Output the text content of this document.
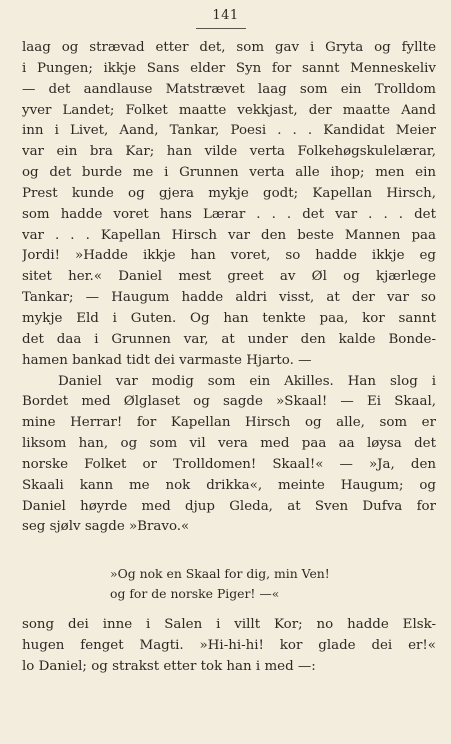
141
laag og strævad etter det, som gav i Gryta og fyllte
i Pungen; ikkje Sans elder Syn for sannt Menneskeliv
— det aandlause Matstrævet laag som ein Trolldom
yver Landet; Folket maatte vekkjast, der maatte Aand
inn i Livet, Aand, Tankar, Poesi . . . Kandidat Meier
var ein bra Kar; han vilde verta Folkehøgskulelærar,
og det burde me i Grunnen verta alle ihop; men ein
Prest kunde og gjera mykje godt; Kapellan Hirsch,
som hadde voret hans Lærar . . . det var . . . det
var . . . Kapellan Hirsch var den beste Mannen paa
Jordi! »Hadde ikkje han voret, so hadde ikkje eg
sitet her.« Daniel mest greet av Øl og kjærlege
Tankar; — Haugum hadde aldri visst, at der var so
mykje Eld i Guten. Og han tenkte paa, kor sannt
det daa i Grunnen var, at under den kalde Bonde-
hamen bankad tidt dei varmaste Hjarto. —
Daniel var modig som ein Akilles. Han slog i
Bordet med Ølglaset og sagde »Skaal! — Ei Skaal,
mine Herrar! for Kapellan Hirsch og alle, som er
liksom han, og som vil vera med paa aa løysa det
norske Folket or Trolldomen! Skaal!« — »Ja, den
Skaali kann me nok drikka«, meinte Haugum; og
Daniel høyrde med djup Gleda, at Sven Dufva for
seg sjølv sagde »Bravo.«
»Og nok en Skaal for dig, min Ven!
og for de norske Piger! —«
song dei inne i Salen i villt Kor; no hadde Elsk-
hugen fenget Magti. »Hi-hi-hi! kor glade dei er!«
lo Daniel; og strakst etter tok han i med —:
